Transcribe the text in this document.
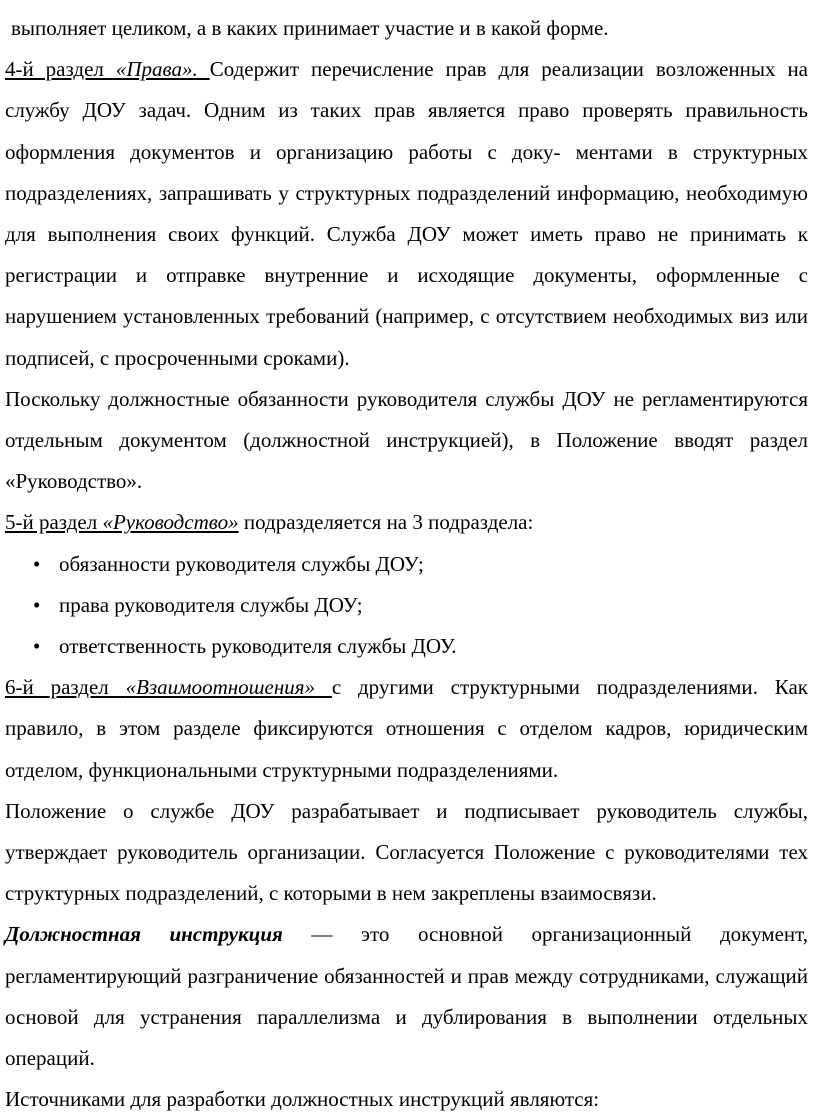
выполняет целиком, а в каких принимает участие и в какой форме.

4-й раздел «Права». Содержит перечисление прав для реализации возложенных на службу ДОУ задач. Одним из таких прав является право проверять правильность оформления документов и организацию работы с доку- ментами в структурных подразделениях, запрашивать у структурных подразделений информацию, необходимую для выполнения своих функций. Служба ДОУ может иметь право не принимать к регистрации и отправке внутренние и исходящие документы, оформленные с нарушением установленных требований (например, с отсутствием необходимых виз или подписей, с просроченными сроками).

Поскольку должностные обязанности руководителя службы ДОУ не регламентируются отдельным документом (должностной инструкцией), в Положение вводят раздел «Руководство».

5-й раздел «Руководство» подразделяется на 3 подраздела:

• обязанности руководителя службы ДОУ;
• права руководителя службы ДОУ;
• ответственность руководителя службы ДОУ.

6-й раздел «Взаимоотношения» с другими структурными подразделениями. Как правило, в этом разделе фиксируются отношения с отделом кадров, юридическим отделом, функциональными структурными подразделениями.

Положение о службе ДОУ разрабатывает и подписывает руководитель службы, утверждает руководитель организации. Согласуется Положение с руководителями тех структурных подразделений, с которыми в нем закреплены взаимосвязи.

Должностная инструкция — это основной организационный документ, регламентирующий разграничение обязанностей и прав между сотрудниками, служащий основой для устранения параллелизма и дублирования в выполнении отдельных операций.

Источниками для разработки должностных инструкций являются:
